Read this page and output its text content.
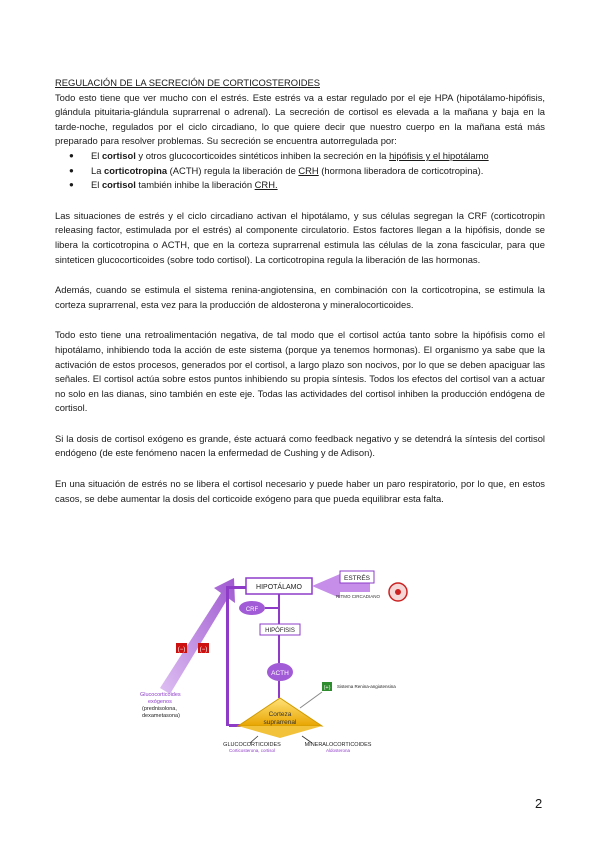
REGULACIÓN DE LA SECRECIÓN DE CORTICOSTEROIDES

Todo esto tiene que ver mucho con el estrés. Este estrés va a estar regulado por el eje HPA (hipotálamo-hipófisis, glándula pituitaria-glándula suprarrenal o adrenal). La secreción de cortisol es elevada a la mañana y baja en la tarde-noche, regulados por el ciclo circadiano, lo que quiere decir que nuestro cuerpo en la mañana está más preparado para resolver problemas. Su secreción se encuentra autorregulada por:

● El cortisol y otros glucocorticoides sintéticos inhiben la secreción en la hipófisis y el hipotálamo
● La corticotropina (ACTH) regula la liberación de CRH (hormona liberadora de corticotropina).
● El cortisol también inhibe la liberación CRH.

Las situaciones de estrés y el ciclo circadiano activan el hipotálamo, y sus células segregan la CRF (corticotropin releasing factor, estimulada por el estrés) al componente circulatorio. Estos factores llegan a la hipófisis, donde se libera la corticotropina o ACTH, que en la corteza suprarrenal estimula las células de la zona fascicular, para que sinteticen glucocorticoides (sobre todo cortisol). La corticotropina regula la liberación de las hormonas.

Además, cuando se estimula el sistema renina-angiotensina, en combinación con la corticotropina, se estimula la corteza suprarrenal, esta vez para la producción de aldosterona y mineralocorticoides.

Todo esto tiene una retroalimentación negativa, de tal modo que el cortisol actúa tanto sobre la hipófisis como el hipotálamo, inhibiendo toda la acción de este sistema (porque ya tenemos hormonas). El organismo ya sabe que la activación de estos procesos, generados por el cortisol, a largo plazo son nocivos, por lo que se deben apaciguar las señales. El cortisol actúa sobre estos puntos inhibiendo su propia síntesis. Todos los efectos del cortisol van a actuar no solo en las dianas, sino también en este eje. Todas las actividades del cortisol inhiben la producción endógena de cortisol.

Si la dosis de cortisol exógeno es grande, éste actuará como feedback negativo y se detendrá la síntesis del cortisol endógeno (de este fenómeno nacen la enfermedad de Cushing y de Adison).

En una situación de estrés no se libera el cortisol necesario y puede haber un paro respiratorio, por lo que, en estos casos, se debe aumentar la dosis del corticoide exógeno para que pueda equilibrar esta falta.

HIPOTÁLAMO
ESTRÉS
RITMO CIRCADIANO
CRF
HIPÓFISIS
ACTH
(−) (−)
(+) Sistema Renina-angiotensina
Corteza
suprarrenal
Glucocorticoides exógenos (prednisolona, dexametasona)
GLUCOCORTICOIDES
Corticosterona, cortisol
MINERALOCORTICOIDES
Aldosterona
2
